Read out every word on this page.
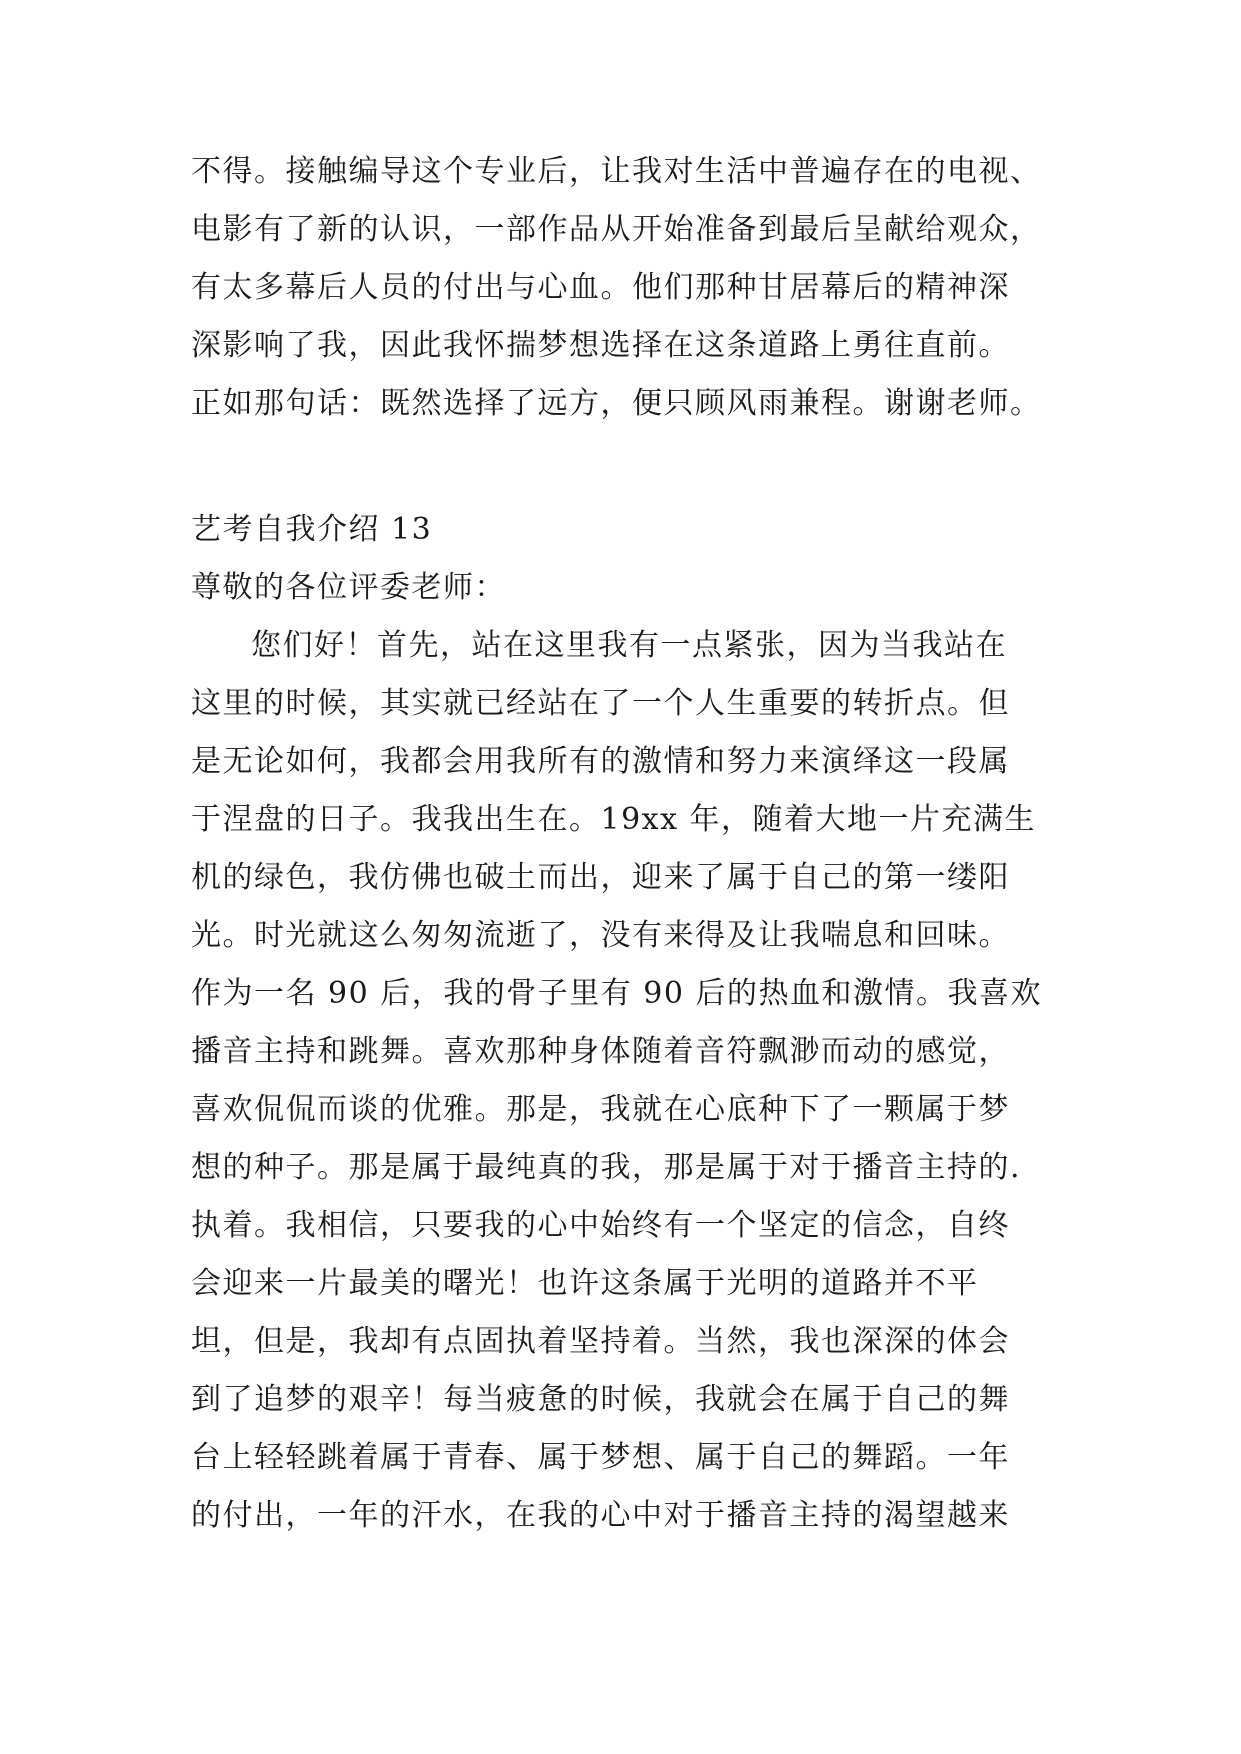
不得。接触编导这个专业后，让我对生活中普遍存在的电视、
电影有了新的认识，一部作品从开始准备到最后呈献给观众，
有太多幕后人员的付出与心血。他们那种甘居幕后的精神深
深影响了我，因此我怀揣梦想选择在这条道路上勇往直前。
正如那句话：既然选择了远方，便只顾风雨兼程。谢谢老师。
艺考自我介绍 13
尊敬的各位评委老师：
您们好！首先，站在这里我有一点紧张，因为当我站在
这里的时候，其实就已经站在了一个人生重要的转折点。但
是无论如何，我都会用我所有的激情和努力来演绎这一段属
于涅盘的日子。我我出生在。19xx 年，随着大地一片充满生
机的绿色，我仿佛也破土而出，迎来了属于自己的第一缕阳
光。时光就这么匆匆流逝了，没有来得及让我喘息和回味。
作为一名 90 后，我的骨子里有 90 后的热血和激情。我喜欢
播音主持和跳舞。喜欢那种身体随着音符飘渺而动的感觉，
喜欢侃侃而谈的优雅。那是，我就在心底种下了一颗属于梦
想的种子。那是属于最纯真的我，那是属于对于播音主持的.
执着。我相信，只要我的心中始终有一个坚定的信念，自终
会迎来一片最美的曙光！也许这条属于光明的道路并不平
坦，但是，我却有点固执着坚持着。当然，我也深深的体会
到了追梦的艰辛！每当疲惫的时候，我就会在属于自己的舞
台上轻轻跳着属于青春、属于梦想、属于自己的舞蹈。一年
的付出，一年的汗水，在我的心中对于播音主持的渴望越来
